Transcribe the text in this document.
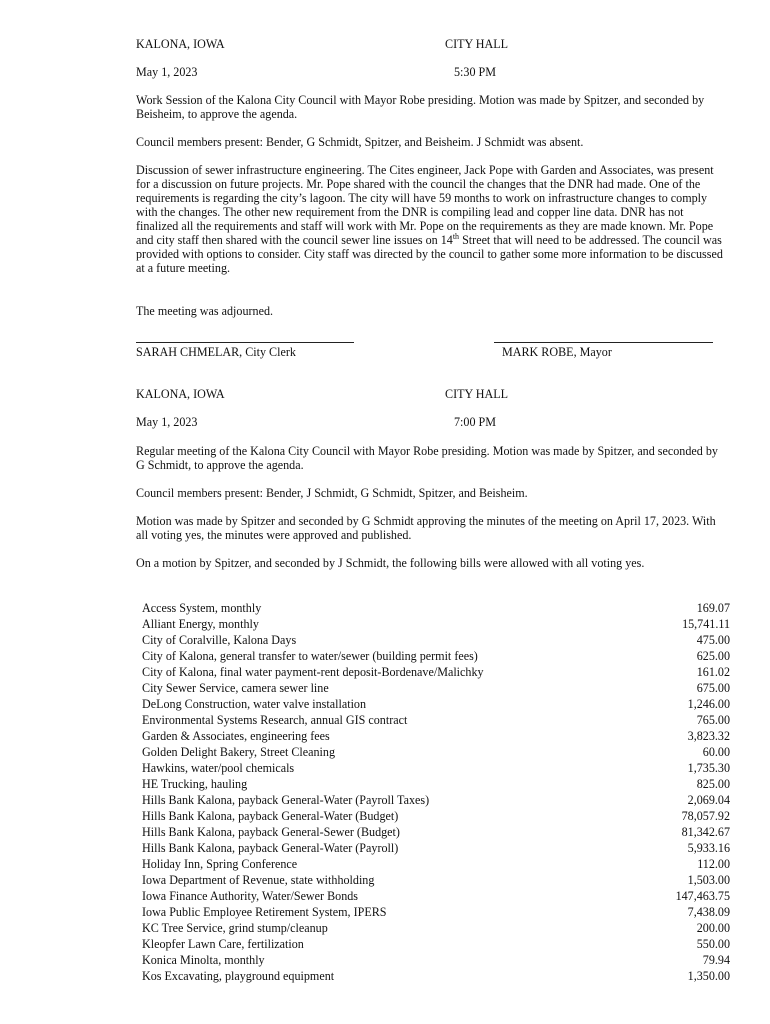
KALONA, IOWA	CITY HALL
May 1, 2023	5:30 PM
Work Session of the Kalona City Council with Mayor Robe presiding. Motion was made by Spitzer, and seconded by Beisheim, to approve the agenda.
Council members present: Bender, G Schmidt, Spitzer, and Beisheim. J Schmidt was absent.
Discussion of sewer infrastructure engineering. The Cites engineer, Jack Pope with Garden and Associates, was present for a discussion on future projects. Mr. Pope shared with the council the changes that the DNR had made. One of the requirements is regarding the city’s lagoon. The city will have 59 months to work on infrastructure changes to comply with the changes. The other new requirement from the DNR is compiling lead and copper line data. DNR has not finalized all the requirements and staff will work with Mr. Pope on the requirements as they are made known. Mr. Pope and city staff then shared with the council sewer line issues on 14th Street that will need to be addressed. The council was provided with options to consider. City staff was directed by the council to gather some more information to be discussed at a future meeting.
The meeting was adjourned.
SARAH CHMELAR, City Clerk	MARK ROBE, Mayor
KALONA, IOWA	CITY HALL
May 1, 2023	7:00 PM
Regular meeting of the Kalona City Council with Mayor Robe presiding. Motion was made by Spitzer, and seconded by G Schmidt, to approve the agenda.
Council members present: Bender, J Schmidt, G Schmidt, Spitzer, and Beisheim.
Motion was made by Spitzer and seconded by G Schmidt approving the minutes of the meeting on April 17, 2023. With all voting yes, the minutes were approved and published.
On a motion by Spitzer, and seconded by J Schmidt, the following bills were allowed with all voting yes.
Access System, monthly	169.07
Alliant Energy, monthly	15,741.11
City of Coralville, Kalona Days	475.00
City of Kalona, general transfer to water/sewer (building permit fees)	625.00
City of Kalona, final water payment-rent deposit-Bordenave/Malichky	161.02
City Sewer Service, camera sewer line	675.00
DeLong Construction, water valve installation	1,246.00
Environmental Systems Research, annual GIS contract	765.00
Garden & Associates, engineering fees	3,823.32
Golden Delight Bakery, Street Cleaning	60.00
Hawkins, water/pool chemicals	1,735.30
HE Trucking, hauling	825.00
Hills Bank Kalona, payback General-Water (Payroll Taxes)	2,069.04
Hills Bank Kalona, payback General-Water (Budget)	78,057.92
Hills Bank Kalona, payback General-Sewer (Budget)	81,342.67
Hills Bank Kalona, payback General-Water (Payroll)	5,933.16
Holiday Inn, Spring Conference	112.00
Iowa Department of Revenue, state withholding	1,503.00
Iowa Finance Authority, Water/Sewer Bonds	147,463.75
Iowa Public Employee Retirement System, IPERS	7,438.09
KC Tree Service, grind stump/cleanup	200.00
Kleopfer Lawn Care, fertilization	550.00
Konica Minolta, monthly	79.94
Kos Excavating, playground equipment	1,350.00
